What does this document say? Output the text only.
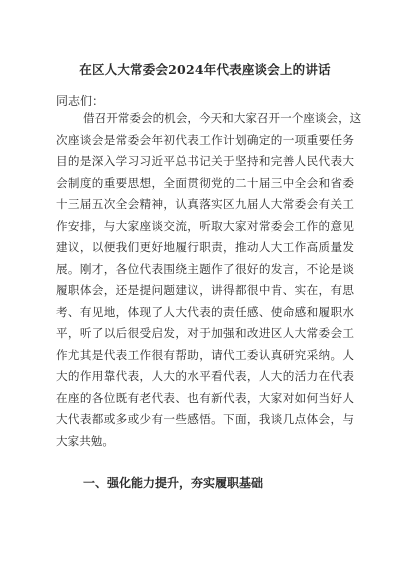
在区人大常委会2024年代表座谈会上的讲话
同志们：
借召开常委会的机会，今天和大家召开一个座谈会，这
次座谈会是常委会年初代表工作计划确定的一项重要任务
目的是深入学习习近平总书记关于坚持和完善人民代表大
会制度的重要思想，全面贯彻党的二十届三中全会和省委
十三届五次全会精神，认真落实区九届人大常委会有关工
作安排，与大家座谈交流，听取大家对常委会工作的意见
建议，以便我们更好地履行职责，推动人大工作高质量发
展。刚才，各位代表围绕主题作了很好的发言，不论是谈
履职体会，还是提问题建议，讲得都很中肯、实在，有思
考、有见地，体现了人大代表的责任感、使命感和履职水
平，听了以后很受启发，对于加强和改进区人大常委会工
作尤其是代表工作很有帮助，请代工委认真研究采纳。人
大的作用靠代表，人大的水平看代表，人大的活力在代表
在座的各位既有老代表、也有新代表，大家对如何当好人
大代表都或多或少有一些感悟。下面，我谈几点体会，与
大家共勉。
一、强化能力提升，夯实履职基础
